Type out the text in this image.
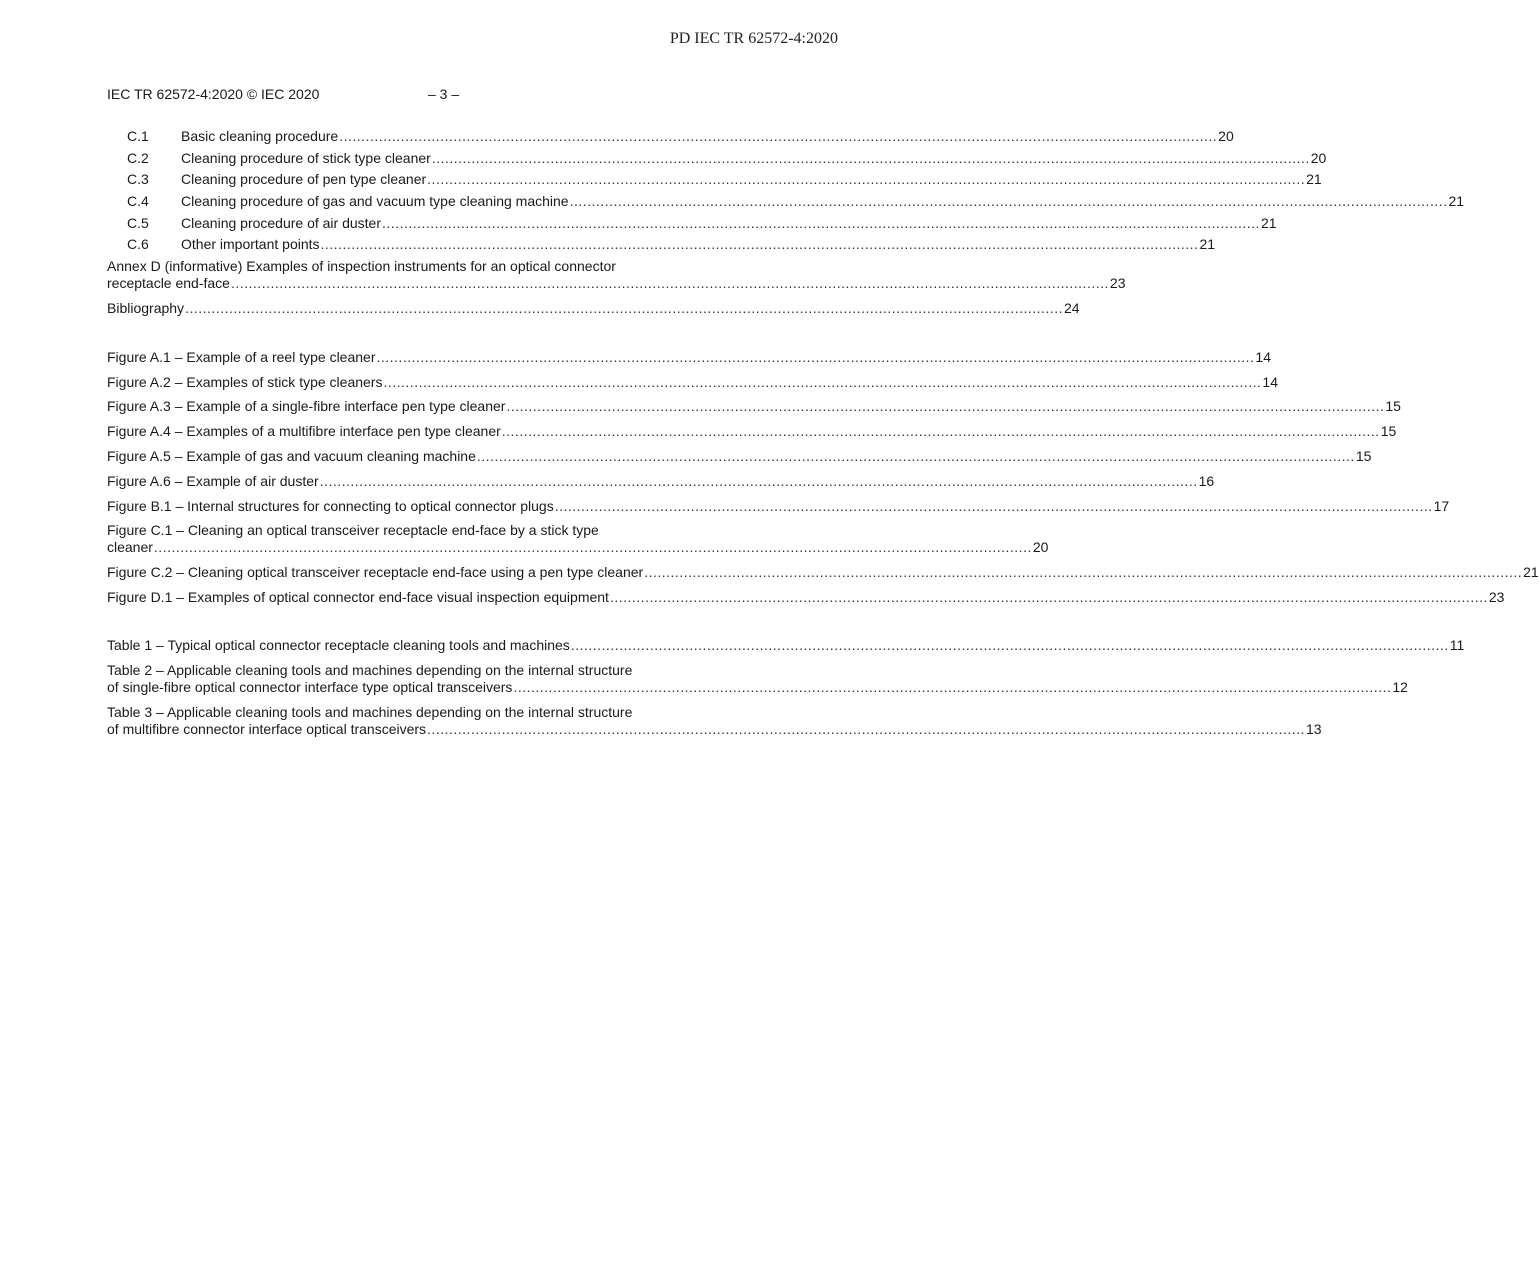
PD IEC TR 62572-4:2020
IEC TR 62572-4:2020 © IEC 2020	– 3 –
C.1	Basic cleaning procedure ........................................................................................................................................................................................................ 20
C.2	Cleaning procedure of stick type cleaner ........................................................................................................................................................................................................ 20
C.3	Cleaning procedure of pen type cleaner ........................................................................................................................................................................................................ 21
C.4	Cleaning procedure of gas and vacuum type cleaning machine ........................................................................................................................................................................................................ 21
C.5	Cleaning procedure of air duster ........................................................................................................................................................................................................ 21
C.6	Other important points ........................................................................................................................................................................................................ 21
Annex D (informative) Examples of inspection instruments for an optical connector
receptacle end-face ........................................................................................................................................................................................................ 23
Bibliography ........................................................................................................................................................................................................ 24
Figure A.1 – Example of a reel type cleaner ........................................................................................................................................................................................................ 14
Figure A.2 – Examples of stick type cleaners ........................................................................................................................................................................................................ 14
Figure A.3 – Example of a single-fibre interface pen type cleaner ........................................................................................................................................................................................................ 15
Figure A.4 – Examples of a multifibre interface pen type cleaner ........................................................................................................................................................................................................ 15
Figure A.5 – Example of gas and vacuum cleaning machine ........................................................................................................................................................................................................ 15
Figure A.6 – Example of air duster ........................................................................................................................................................................................................ 16
Figure B.1 – Internal structures for connecting to optical connector plugs ........................................................................................................................................................................................................ 17
Figure C.1 – Cleaning an optical transceiver receptacle end-face by a stick type
cleaner ........................................................................................................................................................................................................ 20
Figure C.2 – Cleaning optical transceiver receptacle end-face using a pen type cleaner ........................................................................................................................................................................................................ 21
Figure D.1 – Examples of optical connector end-face visual inspection equipment ........................................................................................................................................................................................................ 23
Table 1 – Typical optical connector receptacle cleaning tools and machines ........................................................................................................................................................................................................ 11
Table 2 – Applicable cleaning tools and machines depending on the internal structure
of single-fibre optical connector interface type optical transceivers ........................................................................................................................................................................................................ 12
Table 3 – Applicable cleaning tools and machines depending on the internal structure
of multifibre connector interface optical transceivers ........................................................................................................................................................................................................ 13
